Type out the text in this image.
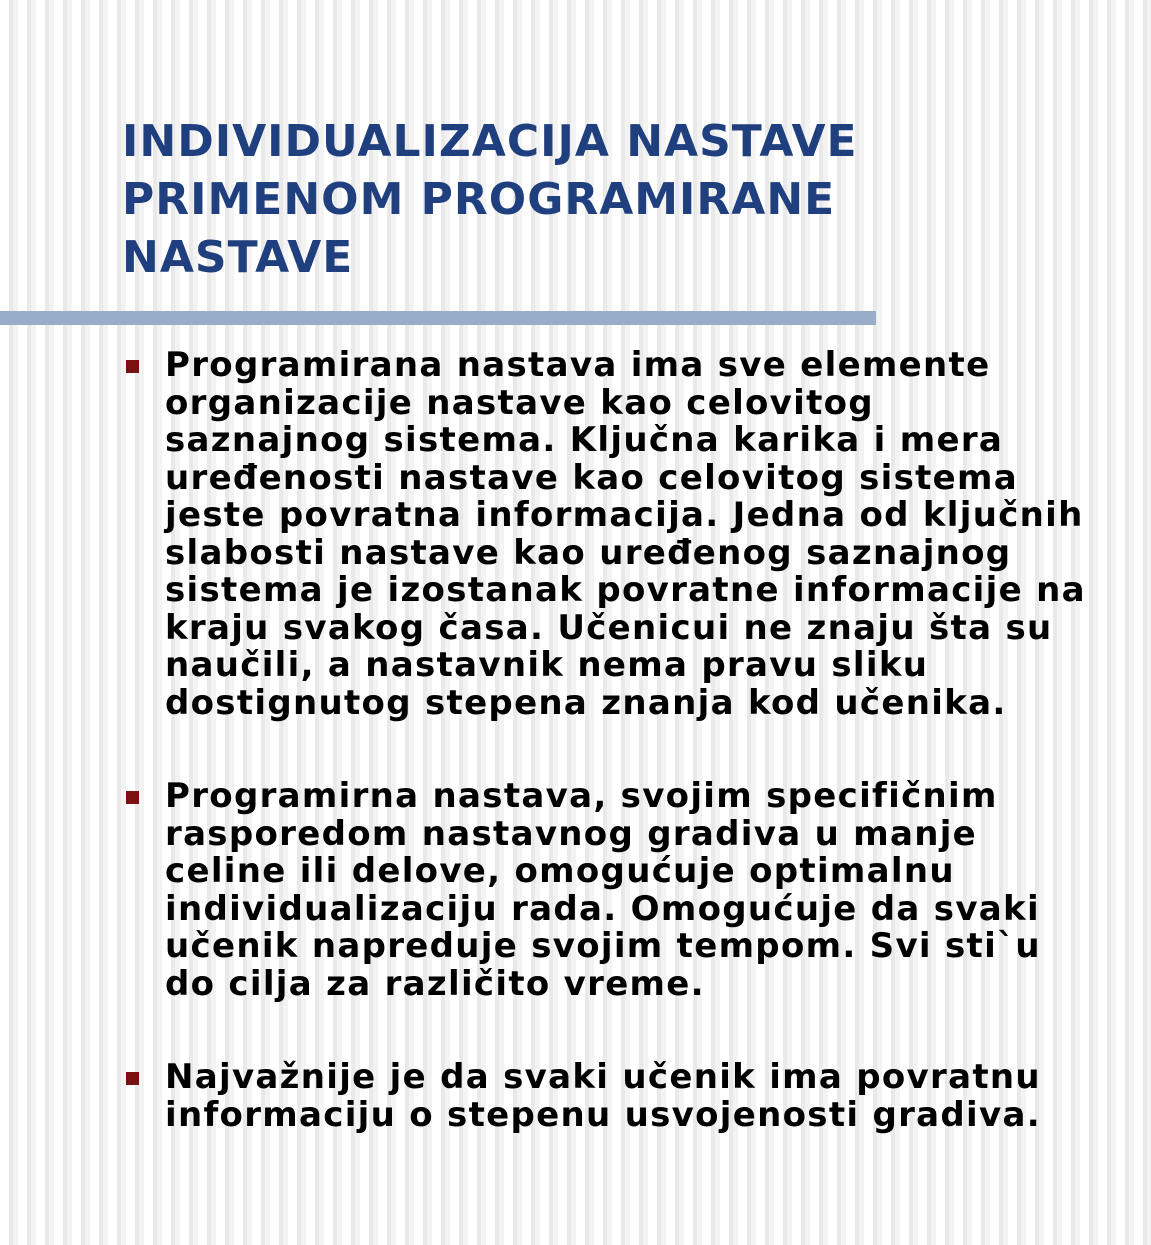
INDIVIDUALIZACIJA NASTAVE
PRIMENOM PROGRAMIRANE
NASTAVE
Programirana nastava ima sve elemente
organizacije nastave kao celovitog
saznajnog sistema. Ključna karika i mera
uređenosti nastave kao celovitog sistema
jeste povratna informacija. Jedna od ključnih
slabosti nastave kao uređenog saznajnog
sistema je izostanak povratne informacije na
kraju svakog časa. Učenicui ne znaju šta su
naučili, a nastavnik nema pravu sliku
dostignutog stepena znanja kod učenika.
Programirna nastava, svojim specifičnim
rasporedom nastavnog gradiva u manje
celine ili delove, omogućuje optimalnu
individualizaciju rada. Omogućuje da svaki
učenik napreduje svojim tempom. Svi sti`u
do cilja za različito vreme.
Najvažnije je da svaki učenik ima povratnu
informaciju o stepenu usvojenosti gradiva.
